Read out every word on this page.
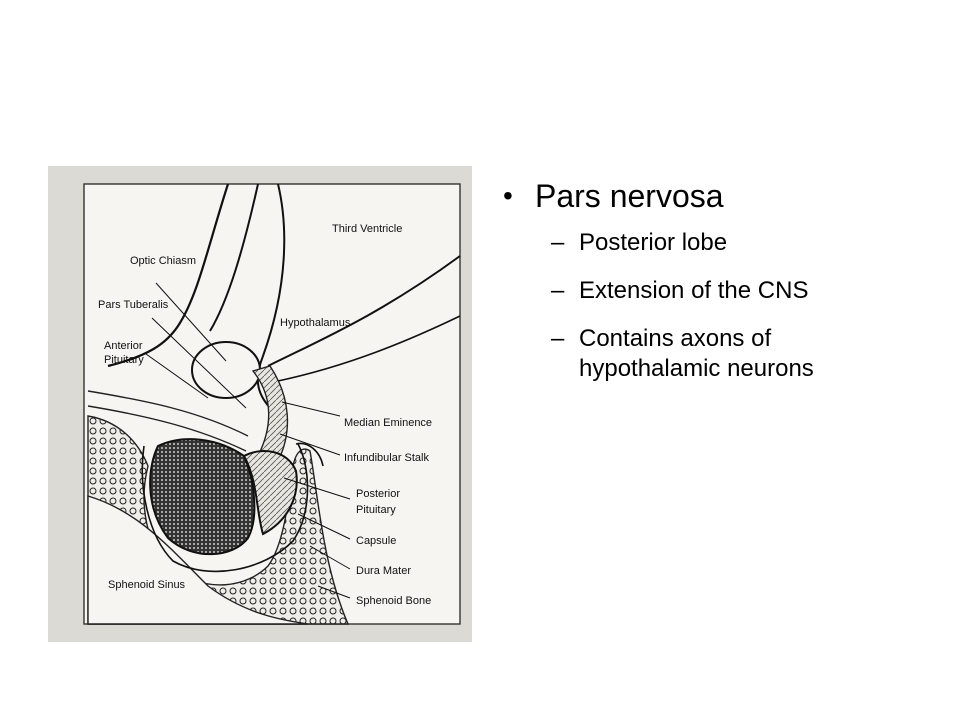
Third Ventricle
Optic Chiasm
Pars Tuberalis
Hypothalamus
Anterior
Pituitary
Median Eminence
Infundibular Stalk
Posterior
Pituitary
Capsule
Dura Mater
Sphenoid Sinus
Sphenoid Bone
• Pars nervosa
– Posterior lobe
– Extension of the CNS
– Contains axons of
hypothalamic neurons
